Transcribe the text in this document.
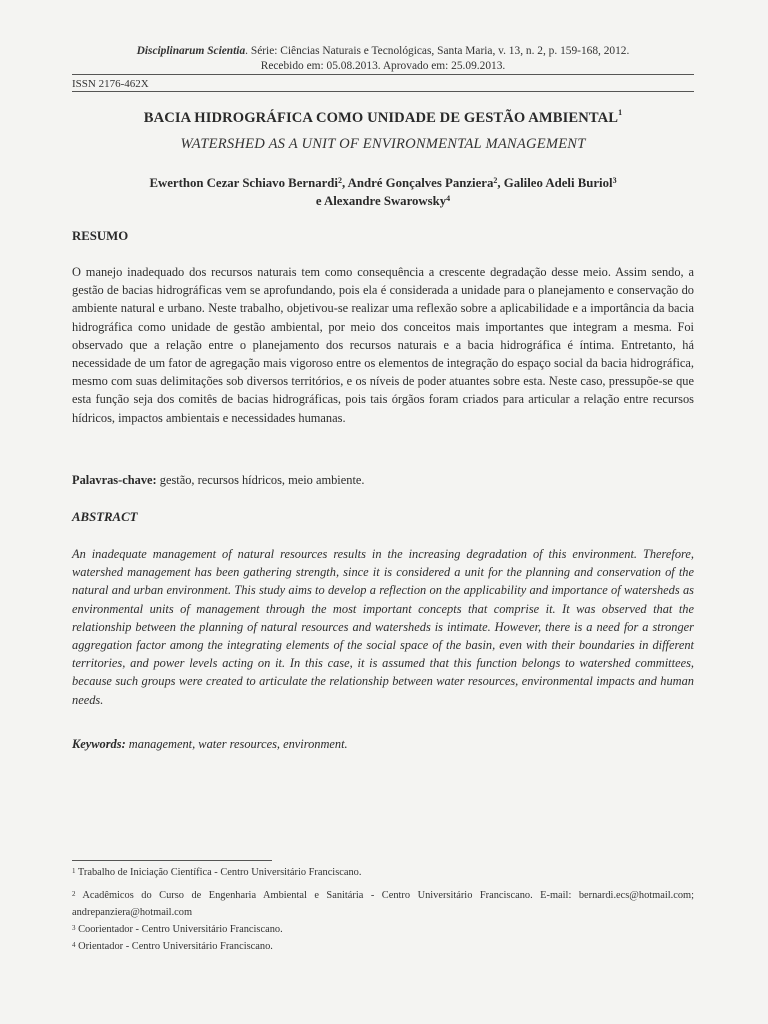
Disciplinarum Scientia. Série: Ciências Naturais e Tecnológicas, Santa Maria, v. 13, n. 2, p. 159-168, 2012.
Recebido em: 05.08.2013. Aprovado em: 25.09.2013.
ISSN 2176-462X
BACIA HIDROGRÁFICA COMO UNIDADE DE GESTÃO AMBIENTAL$^1$
WATERSHED AS A UNIT OF ENVIRONMENTAL MANAGEMENT
Ewerthon Cezar Schiavo Bernardi$^2$, André Gonçalves Panziera$^2$, Galileo Adeli Buriol$^3$
e Alexandre Swarowsky$^4$
RESUMO
O manejo inadequado dos recursos naturais tem como consequência a crescente degradação desse meio. Assim sendo, a gestão de bacias hidrográficas vem se aprofundando, pois ela é considerada a unidade para o planejamento e conservação do ambiente natural e urbano. Neste trabalho, objetivou-se realizar uma reflexão sobre a aplicabilidade e a importância da bacia hidrográfica como unidade de gestão ambiental, por meio dos conceitos mais importantes que integram a mesma. Foi observado que a relação entre o planejamento dos recursos naturais e a bacia hidrográfica é íntima. Entretanto, há necessidade de um fator de agregação mais vigoroso entre os elementos de integração do espaço social da bacia hidrográfica, mesmo com suas delimitações sob diversos territórios, e os níveis de poder atuantes sobre esta. Neste caso, pressupõe-se que esta função seja dos comitês de bacias hidrográficas, pois tais órgãos foram criados para articular a relação entre recursos hídricos, impactos ambientais e necessidades humanas.
Palavras-chave: gestão, recursos hídricos, meio ambiente.
ABSTRACT
An inadequate management of natural resources results in the increasing degradation of this environment. Therefore, watershed management has been gathering strength, since it is considered a unit for the planning and conservation of the natural and urban environment. This study aims to develop a reflection on the applicability and importance of watersheds as environmental units of management through the most important concepts that comprise it. It was observed that the relationship between the planning of natural resources and watersheds is intimate. However, there is a need for a stronger aggregation factor among the integrating elements of the social space of the basin, even with their boundaries in different territories, and power levels acting on it. In this case, it is assumed that this function belongs to watershed committees, because such groups were created to articulate the relationship between water resources, environmental impacts and human needs.
Keywords: management, water resources, environment.
$^1$ Trabalho de Iniciação Científica - Centro Universitário Franciscano.
$^2$ Acadêmicos do Curso de Engenharia Ambiental e Sanitária - Centro Universitário Franciscano. E-mail: bernardi.ecs@hotmail.com; andrepanziera@hotmail.com
$^3$ Coorientador - Centro Universitário Franciscano.
$^4$ Orientador - Centro Universitário Franciscano.
